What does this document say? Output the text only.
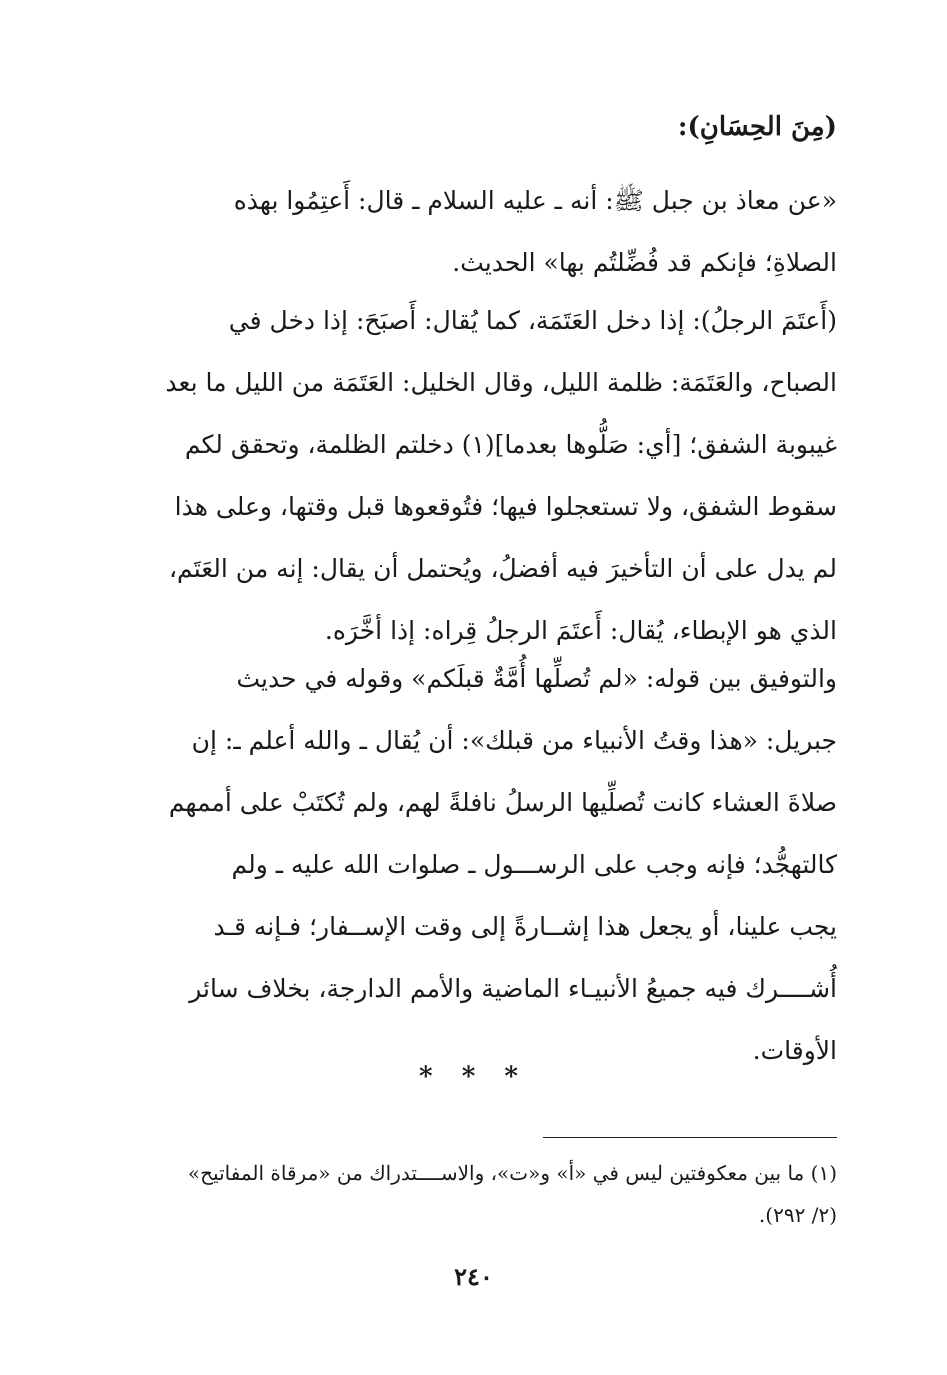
(مِنَ الحِسَانِ):
«عن معاذ بن جبل ﷺ: أنه ـ عليه السلام ـ قال: أَعتِمُوا بهذه
الصلاةِ؛ فإنكم قد فُضِّلتُم بها» الحديث.
(أَعتَمَ الرجلُ): إذا دخل العَتَمَة، كما يُقال: أَصبَحَ: إذا دخل في
الصباح، والعَتَمَة: ظلمة الليل، وقال الخليل: العَتَمَة من الليل ما بعد
غيبوبة الشفق؛ [أي: صَلُّوها بعدما](١) دخلتم الظلمة، وتحقق لكم
سقوط الشفق، ولا تستعجلوا فيها؛ فتُوقعوها قبل وقتها، وعلى هذا
لم يدل على أن التأخيرَ فيه أفضلُ، ويُحتمل أن يقال: إنه من العَتَم،
الذي هو الإبطاء، يُقال: أَعتَمَ الرجلُ قِراه: إذا أخَّرَه.
والتوفيق بين قوله: «لم تُصلِّها أُمَّةٌ قبلَكم» وقوله في حديث
جبريل: «هذا وقتُ الأنبياء من قبلك»: أن يُقال ـ والله أعلم ـ: إن
صلاةَ العشاء كانت تُصلِّيها الرسلُ نافلةً لهم، ولم تُكتَبْ على أممهم
كالتهجُّد؛ فإنه وجب على الرســـول ـ صلوات الله عليه ـ ولم
يجب علينا، أو يجعل هذا إشــارةً إلى وقت الإســفار؛ فـإنه قـد
أُشــــرك فيه جميعُ الأنبيـاء الماضية والأمم الدارجة، بخلاف سائر
الأوقات.
* * *
(١) ما بين معكوفتين ليس في «أ» و«ت»، والاســــتدراك من «مرقاة المفاتيح»
(٢/ ٢٩٢).
٢٤٠
